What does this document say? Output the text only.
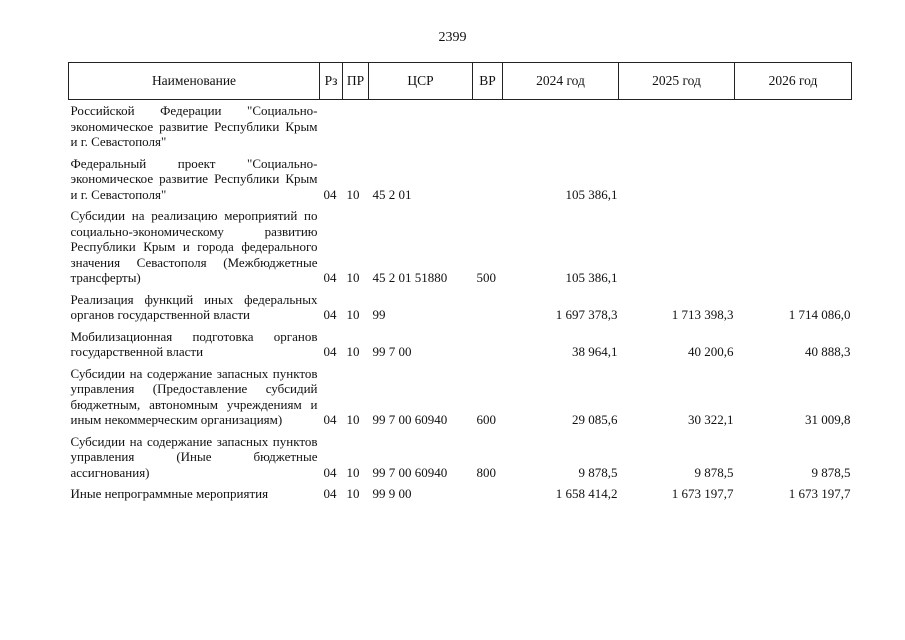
2399
Наименование	Рз	ПР	ЦСР	ВР	2024 год	2025 год	2026 год
Российской Федерации "Социально-экономическое развитие Республики Крым и г. Севастополя"							
Федеральный проект "Социально-экономическое развитие Республики Крым и г. Севастополя"	04	10	45 2 01		105 386,1		
Субсидии на реализацию мероприятий по социально-экономическому развитию Республики Крым и города федерального значения Севастополя (Межбюджетные трансферты)	04	10	45 2 01 51880	500	105 386,1		
Реализация функций иных федеральных органов государственной власти	04	10	99		1 697 378,3	1 713 398,3	1 714 086,0
Мобилизационная подготовка органов государственной власти	04	10	99 7 00		38 964,1	40 200,6	40 888,3
Субсидии на содержание запасных пунктов управления (Предоставление субсидий бюджетным, автономным учреждениям и иным некоммерческим организациям)	04	10	99 7 00 60940	600	29 085,6	30 322,1	31 009,8
Субсидии на содержание запасных пунктов управления (Иные бюджетные ассигнования)	04	10	99 7 00 60940	800	9 878,5	9 878,5	9 878,5
Иные непрограммные мероприятия	04	10	99 9 00		1 658 414,2	1 673 197,7	1 673 197,7
